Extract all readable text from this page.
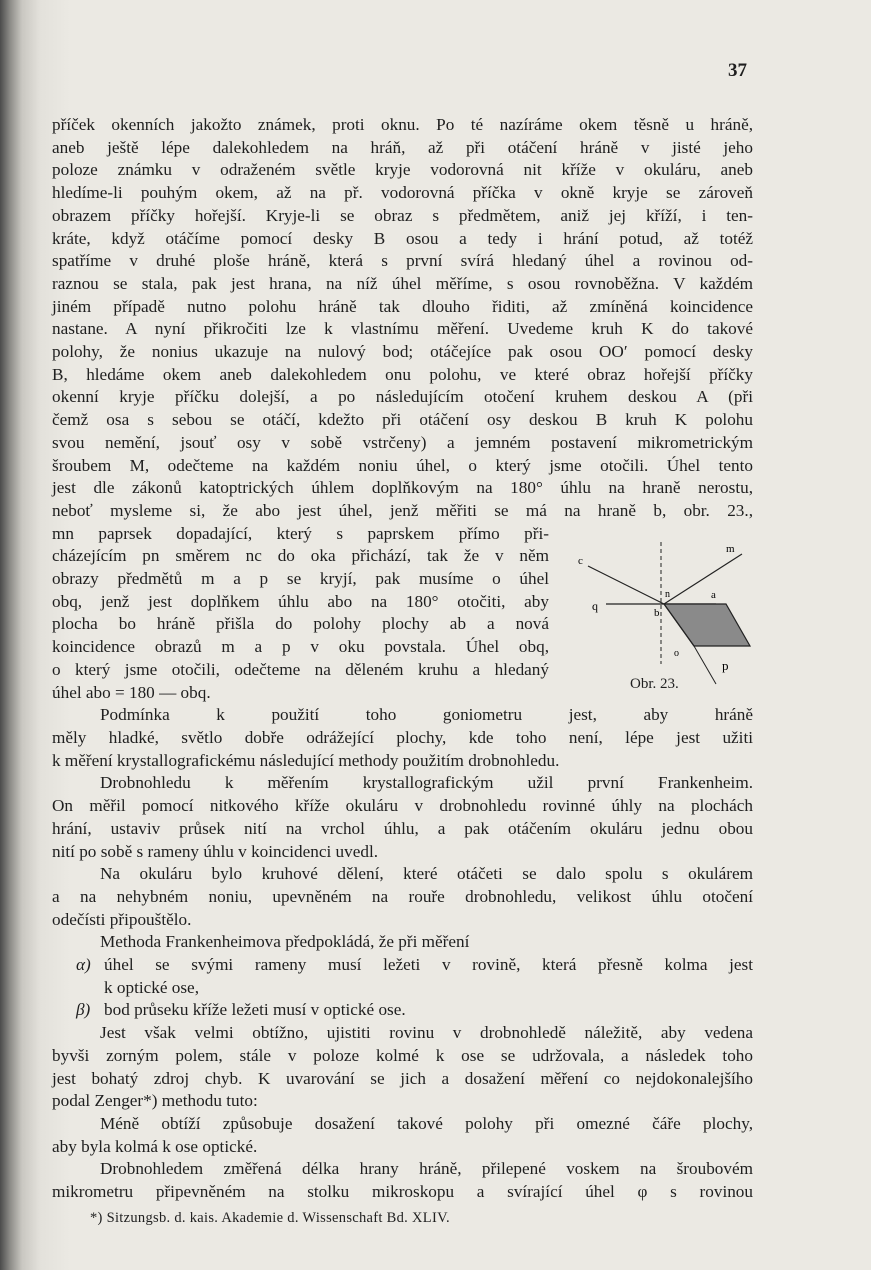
37
příček okenních jakožto známek, proti oknu. Po té nazíráme okem těsně u hráně,
aneb ještě lépe dalekohledem na hráň, až při otáčení hráně v jisté jeho
poloze známku v odraženém světle kryje vodorovná nit kříže v okuláru, aneb
hledíme-li pouhým okem, až na př. vodorovná příčka v okně kryje se zároveň
obrazem příčky hořejší. Kryje-li se obraz s předmětem, aniž jej kříží, i ten-
kráte, když otáčíme pomocí desky B osou a tedy i hrání potud, až totéž
spatříme v druhé ploše hráně, která s první svírá hledaný úhel a rovinou od-
raznou se stala, pak jest hrana, na níž úhel měříme, s osou rovnoběžna. V každém
jiném případě nutno polohu hráně tak dlouho řiditi, až zmíněná koincidence
nastane. A nyní přikročiti lze k vlastnímu měření. Uvedeme kruh K do takové
polohy, že nonius ukazuje na nulový bod; otáčejíce pak osou OO′ pomocí desky
B, hledáme okem aneb dalekohledem onu polohu, ve které obraz hořejší příčky
okenní kryje příčku dolejší, a po následujícím otočení kruhem deskou A (při
čemž osa s sebou se otáčí, kdežto při otáčení osy deskou B kruh K polohu
svou nemění, jsouť osy v sobě vstrčeny) a jemném postavení mikrometrickým
šroubem M, odečteme na každém noniu úhel, o který jsme otočili. Úhel tento
jest dle zákonů katoptrických úhlem doplňkovým na 180° úhlu na hraně nerostu,
neboť mysleme si, že abo jest úhel, jenž měřiti se má na hraně b, obr. 23.,
mn paprsek dopadající, který s paprskem přímo při-
cházejícím pn směrem nc do oka přichází, tak že v něm
obrazy předmětů m a p se kryjí, pak musíme o úhel
obq, jenž jest doplňkem úhlu abo na 180° otočiti, aby
plocha bo hráně přišla do polohy plochy ab a nová
koincidence obrazů m a p v oku povstala. Úhel obq,
o který jsme otočili, odečteme na děleném kruhu a hledaný
úhel abo = 180 — obq.
Podmínka k použití toho goniometru jest, aby hráně
měly hladké, světlo dobře odrážející plochy, kde toho není, lépe jest užiti
k měření krystallografickému následující methody použitím drobnohledu.
Drobnohledu k měřením krystallografickým užil první Frankenheim.
On měřil pomocí nitkového kříže okuláru v drobnohledu rovinné úhly na plochách
hrání, ustaviv průsek nití na vrchol úhlu, a pak otáčením okuláru jednu obou
nití po sobě s rameny úhlu v koincidenci uvedl.
Na okuláru bylo kruhové dělení, které otáčeti se dalo spolu s okulárem
a na nehybném noniu, upevněném na rouře drobnohledu, velikost úhlu otočení
odečísti připouštělo.
Methoda Frankenheimova předpokládá, že při měření
α) úhel se svými rameny musí ležeti v rovině, která přesně kolma jest
k optické ose,
β) bod průseku kříže ležeti musí v optické ose.
Jest však velmi obtížno, ujistiti rovinu v drobnohledě náležitě, aby vedena
byvši zorným polem, stále v poloze kolmé k ose se udržovala, a následek toho
jest bohatý zdroj chyb. K uvarování se jich a dosažení měření co nejdokonalejšího
podal Zenger*) methodu tuto:
Méně obtíží způsobuje dosažení takové polohy při omezné čáře plochy,
aby byla kolmá k ose optické.
Drobnohledem změřená délka hrany hráně, přilepené voskem na šroubovém
mikrometru připevněném na stolku mikroskopu a svírající úhel φ s rovinou
c
m
n	a
q	b
o
p
Obr. 23.
*) Sitzungsb. d. kais. Akademie d. Wissenschaft Bd. XLIV.
